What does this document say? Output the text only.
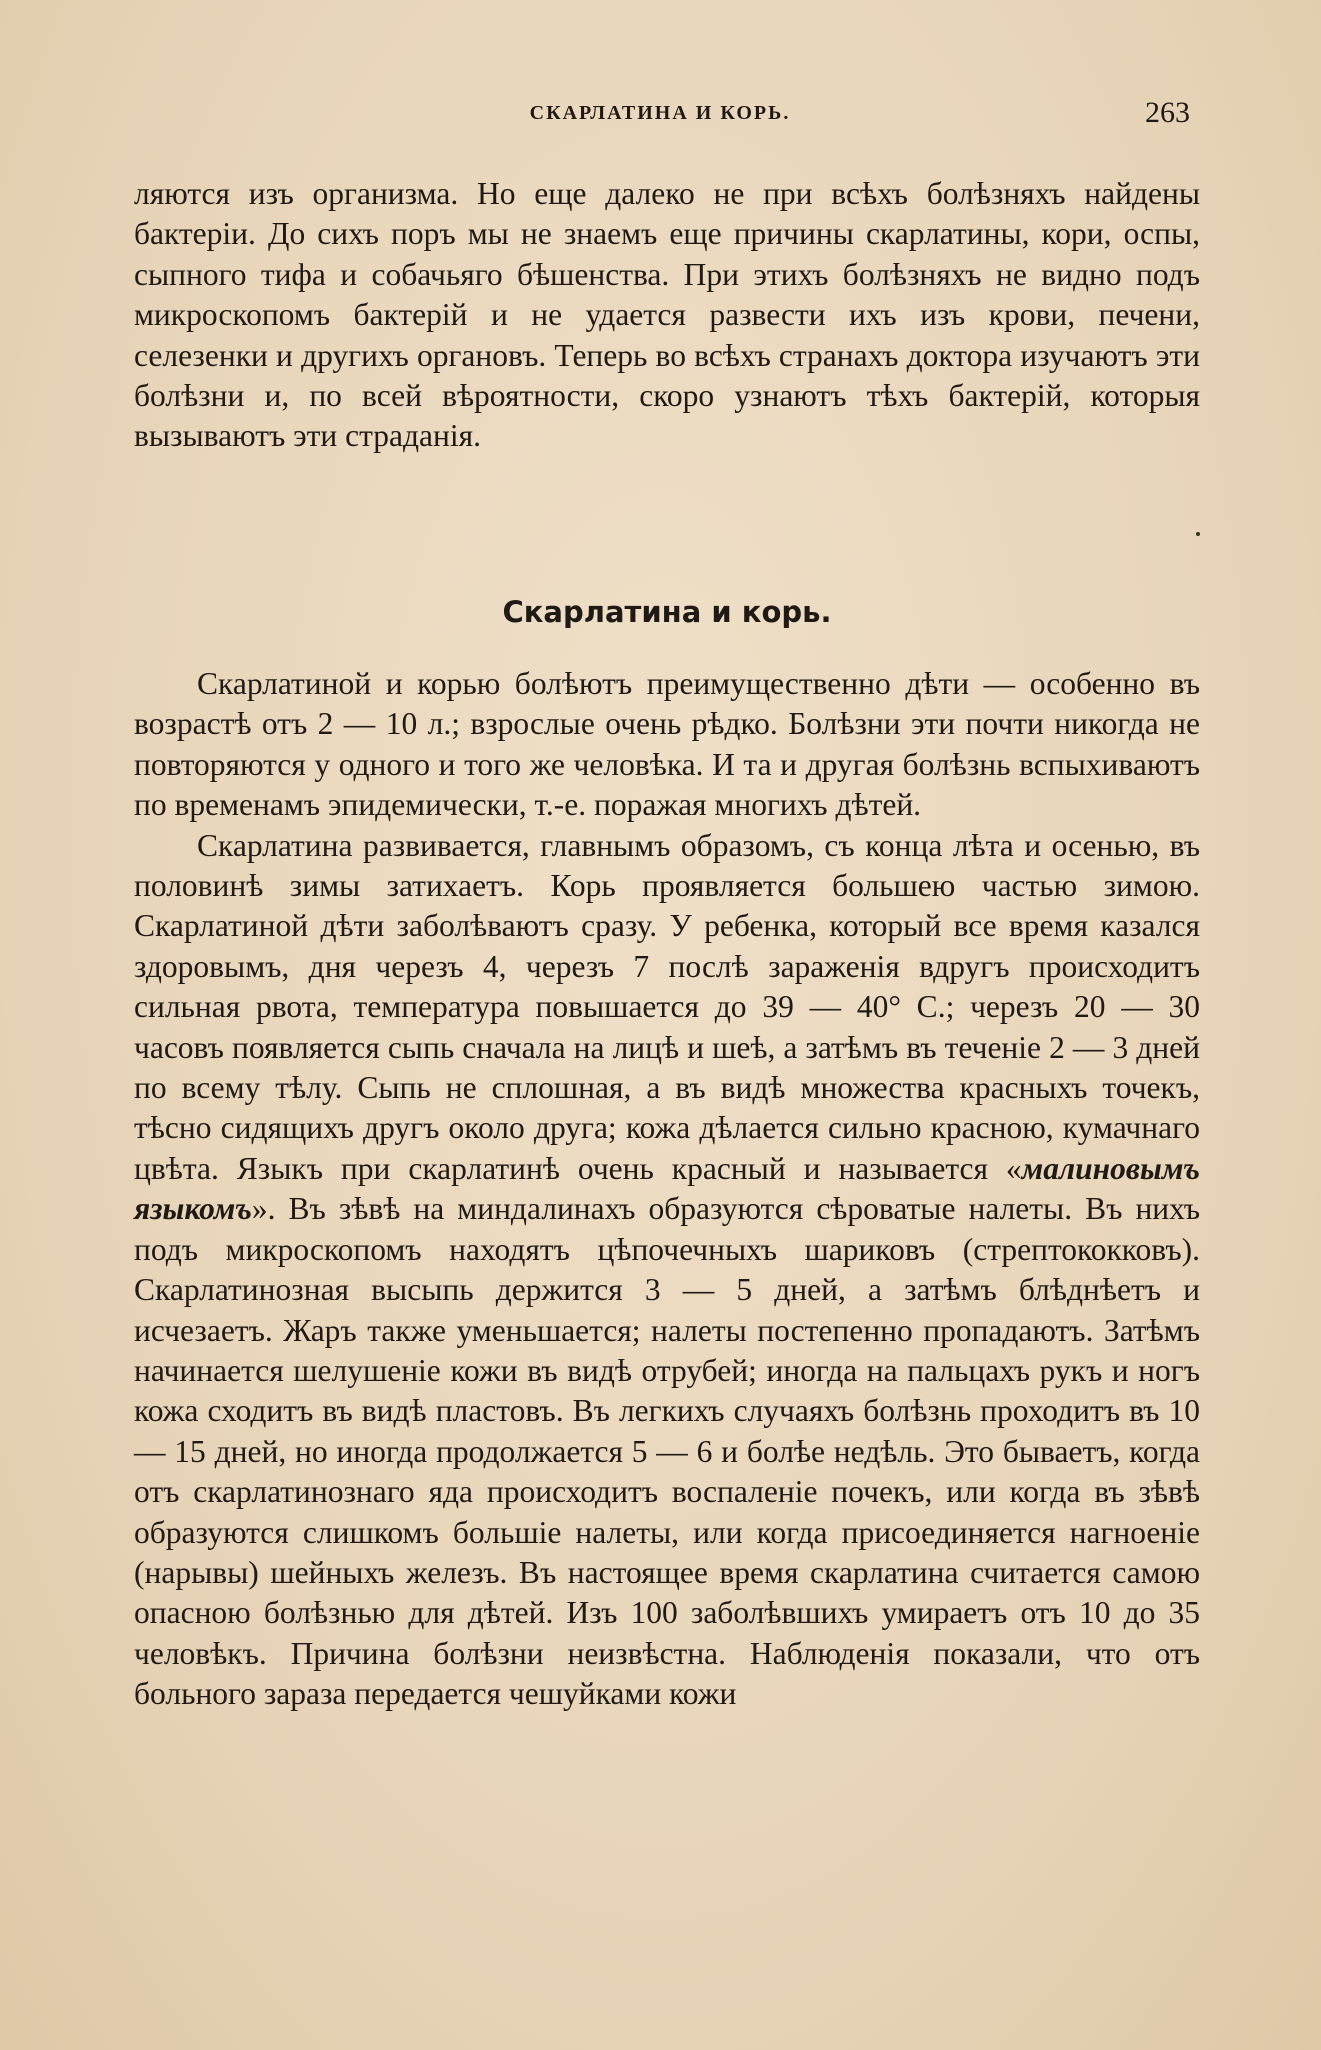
СКАРЛАТИНА И КОРЬ.	263

ляются изъ организма. Но еще далеко не при всѣхъ болѣзняхъ найдены бактеріи. До сихъ поръ мы не знаемъ еще причины скарлатины, кори, оспы, сыпного тифа и собачьяго бѣшенства. При этихъ болѣзняхъ не видно подъ микроскопомъ бактерій и не удается развести ихъ изъ крови, печени, селезенки и другихъ органовъ. Теперь во всѣхъ странахъ доктора изучаютъ эти болѣзни и, по всей вѣроятности, скоро узнаютъ тѣхъ бактерій, которыя вызываютъ эти страданія.

Скарлатина и корь.

Скарлатиной и корью болѣютъ преимущественно дѣти — особенно въ возрастѣ отъ 2 — 10 л.; взрослые очень рѣдко. Болѣзни эти почти никогда не повторяются у одного и того же человѣка. И та и другая болѣзнь вспыхиваютъ по временамъ эпидемически, т.-е. поражая многихъ дѣтей.

Скарлатина развивается, главнымъ образомъ, съ конца лѣта и осенью, въ половинѣ зимы затихаетъ. Корь проявляется большею частью зимою. Скарлатиной дѣти заболѣваютъ сразу. У ребенка, который все время казался здоровымъ, дня черезъ 4, черезъ 7 послѣ зараженія вдругъ происходитъ сильная рвота, температура повышается до 39 — 40° С.; черезъ 20 — 30 часовъ появляется сыпь сначала на лицѣ и шеѣ, а затѣмъ въ теченіе 2 — 3 дней по всему тѣлу. Сыпь не сплошная, а въ видѣ множества красныхъ точекъ, тѣсно сидящихъ другъ около друга; кожа дѣлается сильно красною, кумачнаго цвѣта. Языкъ при скарлатинѣ очень красный и называется «малиновымъ языкомъ». Въ зѣвѣ на миндалинахъ образуются сѣроватые налеты. Въ нихъ подъ микроскопомъ находятъ цѣпочечныхъ шариковъ (стрептококковъ). Скарлатинозная высыпь держится 3 — 5 дней, а затѣмъ блѣднѣетъ и исчезаетъ. Жаръ также уменьшается; налеты постепенно пропадаютъ. Затѣмъ начинается шелушеніе кожи въ видѣ отрубей; иногда на пальцахъ рукъ и ногъ кожа сходитъ въ видѣ пластовъ. Въ легкихъ случаяхъ болѣзнь проходитъ въ 10 — 15 дней, но иногда продолжается 5 — 6 и болѣе недѣль. Это бываетъ, когда отъ скарлатинознаго яда происходитъ воспаленіе почекъ, или когда въ зѣвѣ образуются слишкомъ большіе налеты, или когда присоединяется нагноеніе (нарывы) шейныхъ железъ. Въ настоящее время скарлатина считается самою опасною болѣзнью для дѣтей. Изъ 100 заболѣвшихъ умираетъ отъ 10 до 35 человѣкъ. Причина болѣзни неизвѣстна. Наблюденія показали, что отъ больного зараза передается чешуйками кожи
